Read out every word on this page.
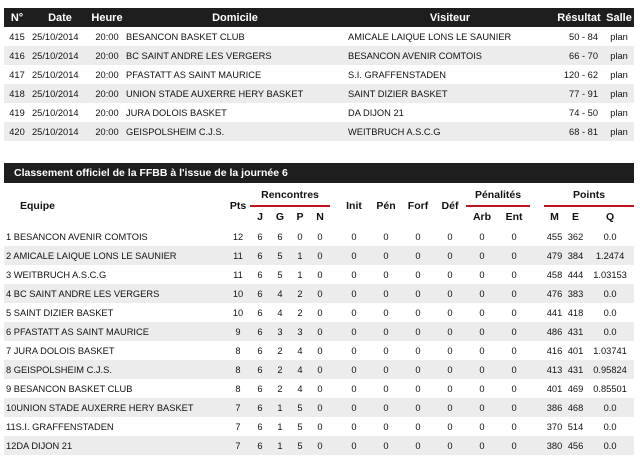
N°	Date	Heure	Domicile	Visiteur	Résultat	Salle
415	25/10/2014	20:00	BESANCON BASKET CLUB	AMICALE LAIQUE LONS LE SAUNIER	50 - 84	plan
416	25/10/2014	20:00	BC SAINT ANDRE LES VERGERS	BESANCON AVENIR COMTOIS	66 - 70	plan
417	25/10/2014	20:00	PFASTATT AS SAINT MAURICE	S.I. GRAFFENSTADEN	120 - 62	plan
418	25/10/2014	20:00	UNION STADE AUXERRE HERY BASKET	SAINT DIZIER BASKET	77 - 91	plan
419	25/10/2014	20:00	JURA DOLOIS BASKET	DA DIJON 21	74 - 50	plan
420	25/10/2014	20:00	GEISPOLSHEIM C.J.S.	WEITBRUCH A.S.C.G	68 - 81	plan
Classement officiel de la FFBB à l'issue de la journée 6
Equipe	Pts	Rencontres					Init	Pén	Forf	Déf	Pénalités			Points		
		J	G	P	N						Arb	Ent		M	E	Q
1 BESANCON AVENIR COMTOIS	12	6	6	0	0		0	0	0	0	0	0		455	362	0.0
2 AMICALE LAIQUE LONS LE SAUNIER	11	6	5	1	0		0	0	0	0	0	0		479	384	1.2474
3 WEITBRUCH A.S.C.G	11	6	5	1	0		0	0	0	0	0	0		458	444	1.03153
4 BC SAINT ANDRE LES VERGERS	10	6	4	2	0		0	0	0	0	0	0		476	383	0.0
5 SAINT DIZIER BASKET	10	6	4	2	0		0	0	0	0	0	0		441	418	0.0
6 PFASTATT AS SAINT MAURICE	9	6	3	3	0		0	0	0	0	0	0		486	431	0.0
7 JURA DOLOIS BASKET	8	6	2	4	0		0	0	0	0	0	0		416	401	1.03741
8 GEISPOLSHEIM C.J.S.	8	6	2	4	0		0	0	0	0	0	0		413	431	0.95824
9 BESANCON BASKET CLUB	8	6	2	4	0		0	0	0	0	0	0		401	469	0.85501
10UNION STADE AUXERRE HERY BASKET	7	6	1	5	0		0	0	0	0	0	0		386	468	0.0
11S.I. GRAFFENSTADEN	7	6	1	5	0		0	0	0	0	0	0		370	514	0.0
12DA DIJON 21	7	6	1	5	0		0	0	0	0	0	0		380	456	0.0
